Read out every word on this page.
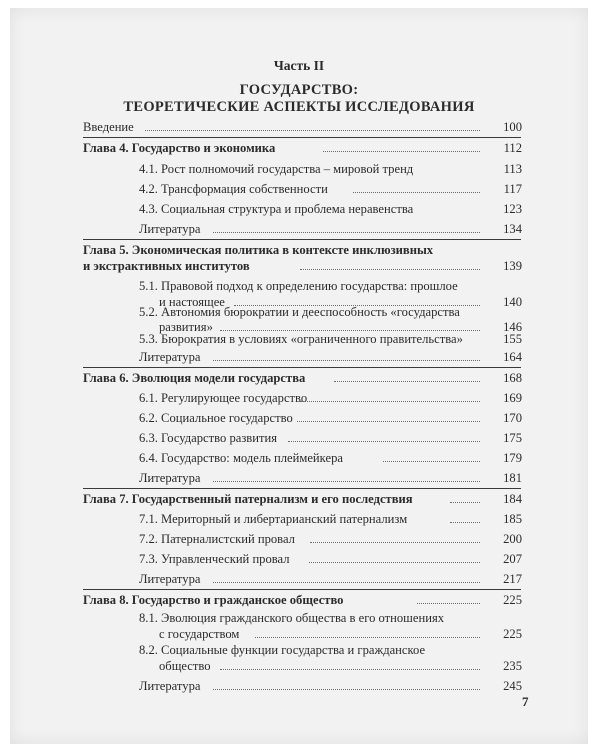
Часть II
ГОСУДАРСТВО:
ТЕОРЕТИЧЕСКИЕ АСПЕКТЫ ИССЛЕДОВАНИЯ
Введение	100
Глава 4. Государство и экономика	112
4.1. Рост полномочий государства – мировой тренд	113
4.2. Трансформация собственности	117
4.3. Социальная структура и проблема неравенства	123
Литература	134
Глава 5. Экономическая политика в контексте инклюзивных
и экстрактивных институтов	139
5.1. Правовой подход к определению государства: прошлое
и настоящее	140
5.2. Автономия бюрократии и дееспособность «государства
развития»	146
5.3. Бюрократия в условиях «ограниченного правительства»	155
Литература	164
Глава 6. Эволюция модели государства	168
6.1. Регулирующее государство	169
6.2. Социальное государство	170
6.3. Государство развития	175
6.4. Государство: модель плеймейкера	179
Литература	181
Глава 7. Государственный патернализм и его последствия	184
7.1. Мериторный и либертарианский патернализм	185
7.2. Патерналистский провал	200
7.3. Управленческий провал	207
Литература	217
Глава 8. Государство и гражданское общество	225
8.1. Эволюция гражданского общества в его отношениях
с государством	225
8.2. Социальные функции государства и гражданское
общество	235
Литература	245
7
